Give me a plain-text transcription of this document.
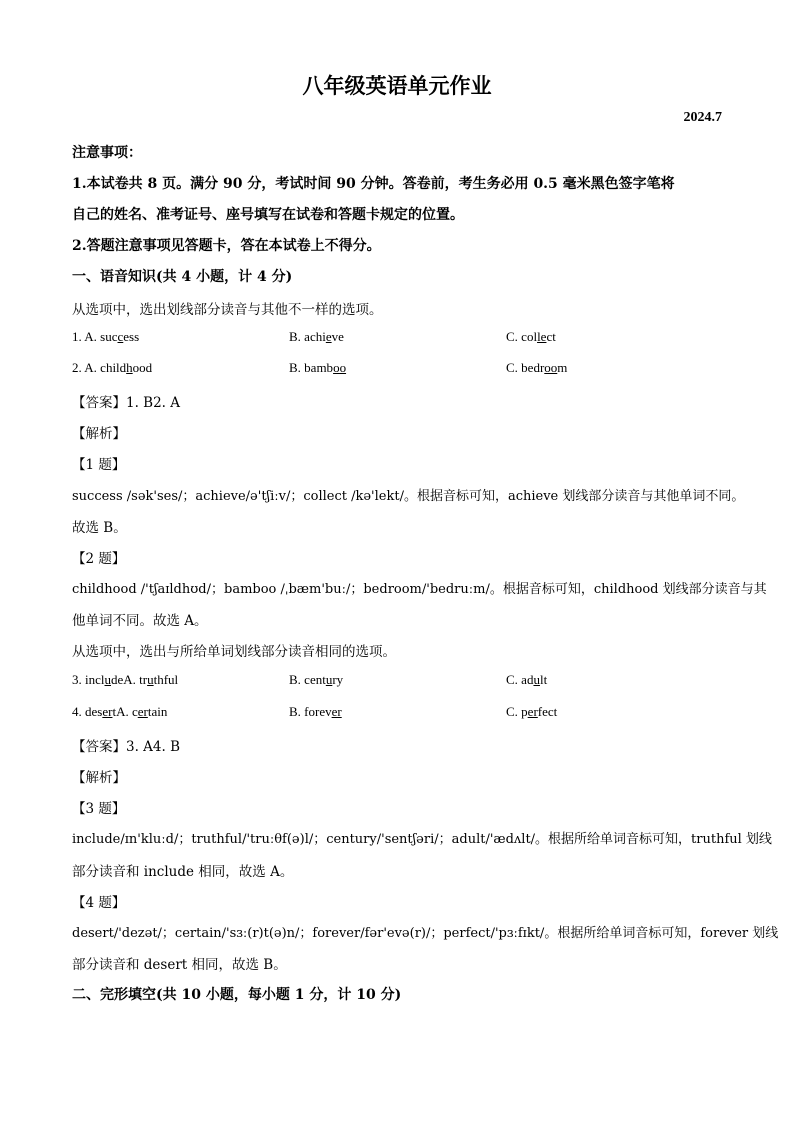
八年级英语单元作业
2024.7
注意事项：
1.本试卷共 8 页。满分 90 分，考试时间 90 分钟。答卷前，考生务必用 0.5 毫米黑色签字笔将
自己的姓名、准考证号、座号填写在试卷和答题卡规定的位置。
2.答题注意事项见答题卡，答在本试卷上不得分。
一、语音知识(共 4 小题，计 4 分)
从选项中，选出划线部分读音与其他不一样的选项。
1. A. success	B. achieve	C. collect
2. A. childhood	B. bamboo	C. bedroom
【答案】1. B2. A
【解析】
【1 题】
success /sək'ses/；achieve/ə'tʃiːv/；collect /kə'lekt/。根据音标可知，achieve 划线部分读音与其他单词不同。
故选 B。
【2 题】
childhood /'tʃaɪldhʊd/；bamboo /ˌbæm'buː/；bedroom/'bedruːm/。根据音标可知，childhood 划线部分读音与其
他单词不同。故选 A。
从选项中，选出与所给单词划线部分读音相同的选项。
3. includeA. truthful	B. century	C. adult
4. desertA. certain	B. forever	C. perfect
【答案】3. A4. B
【解析】
【3 题】
include/ɪn'kluːd/；truthful/'truːθf(ə)l/；century/'sentʃəri/；adult/'ædʌlt/。根据所给单词音标可知，truthful 划线
部分读音和 include 相同，故选 A。
【4 题】
desert/'dezət/；certain/'sɜː(r)t(ə)n/；forever/fər'evə(r)/；perfect/'pɜːfɪkt/。根据所给单词音标可知，forever 划线
部分读音和 desert 相同，故选 B。
二、完形填空(共 10 小题，每小题 1 分，计 10 分)
